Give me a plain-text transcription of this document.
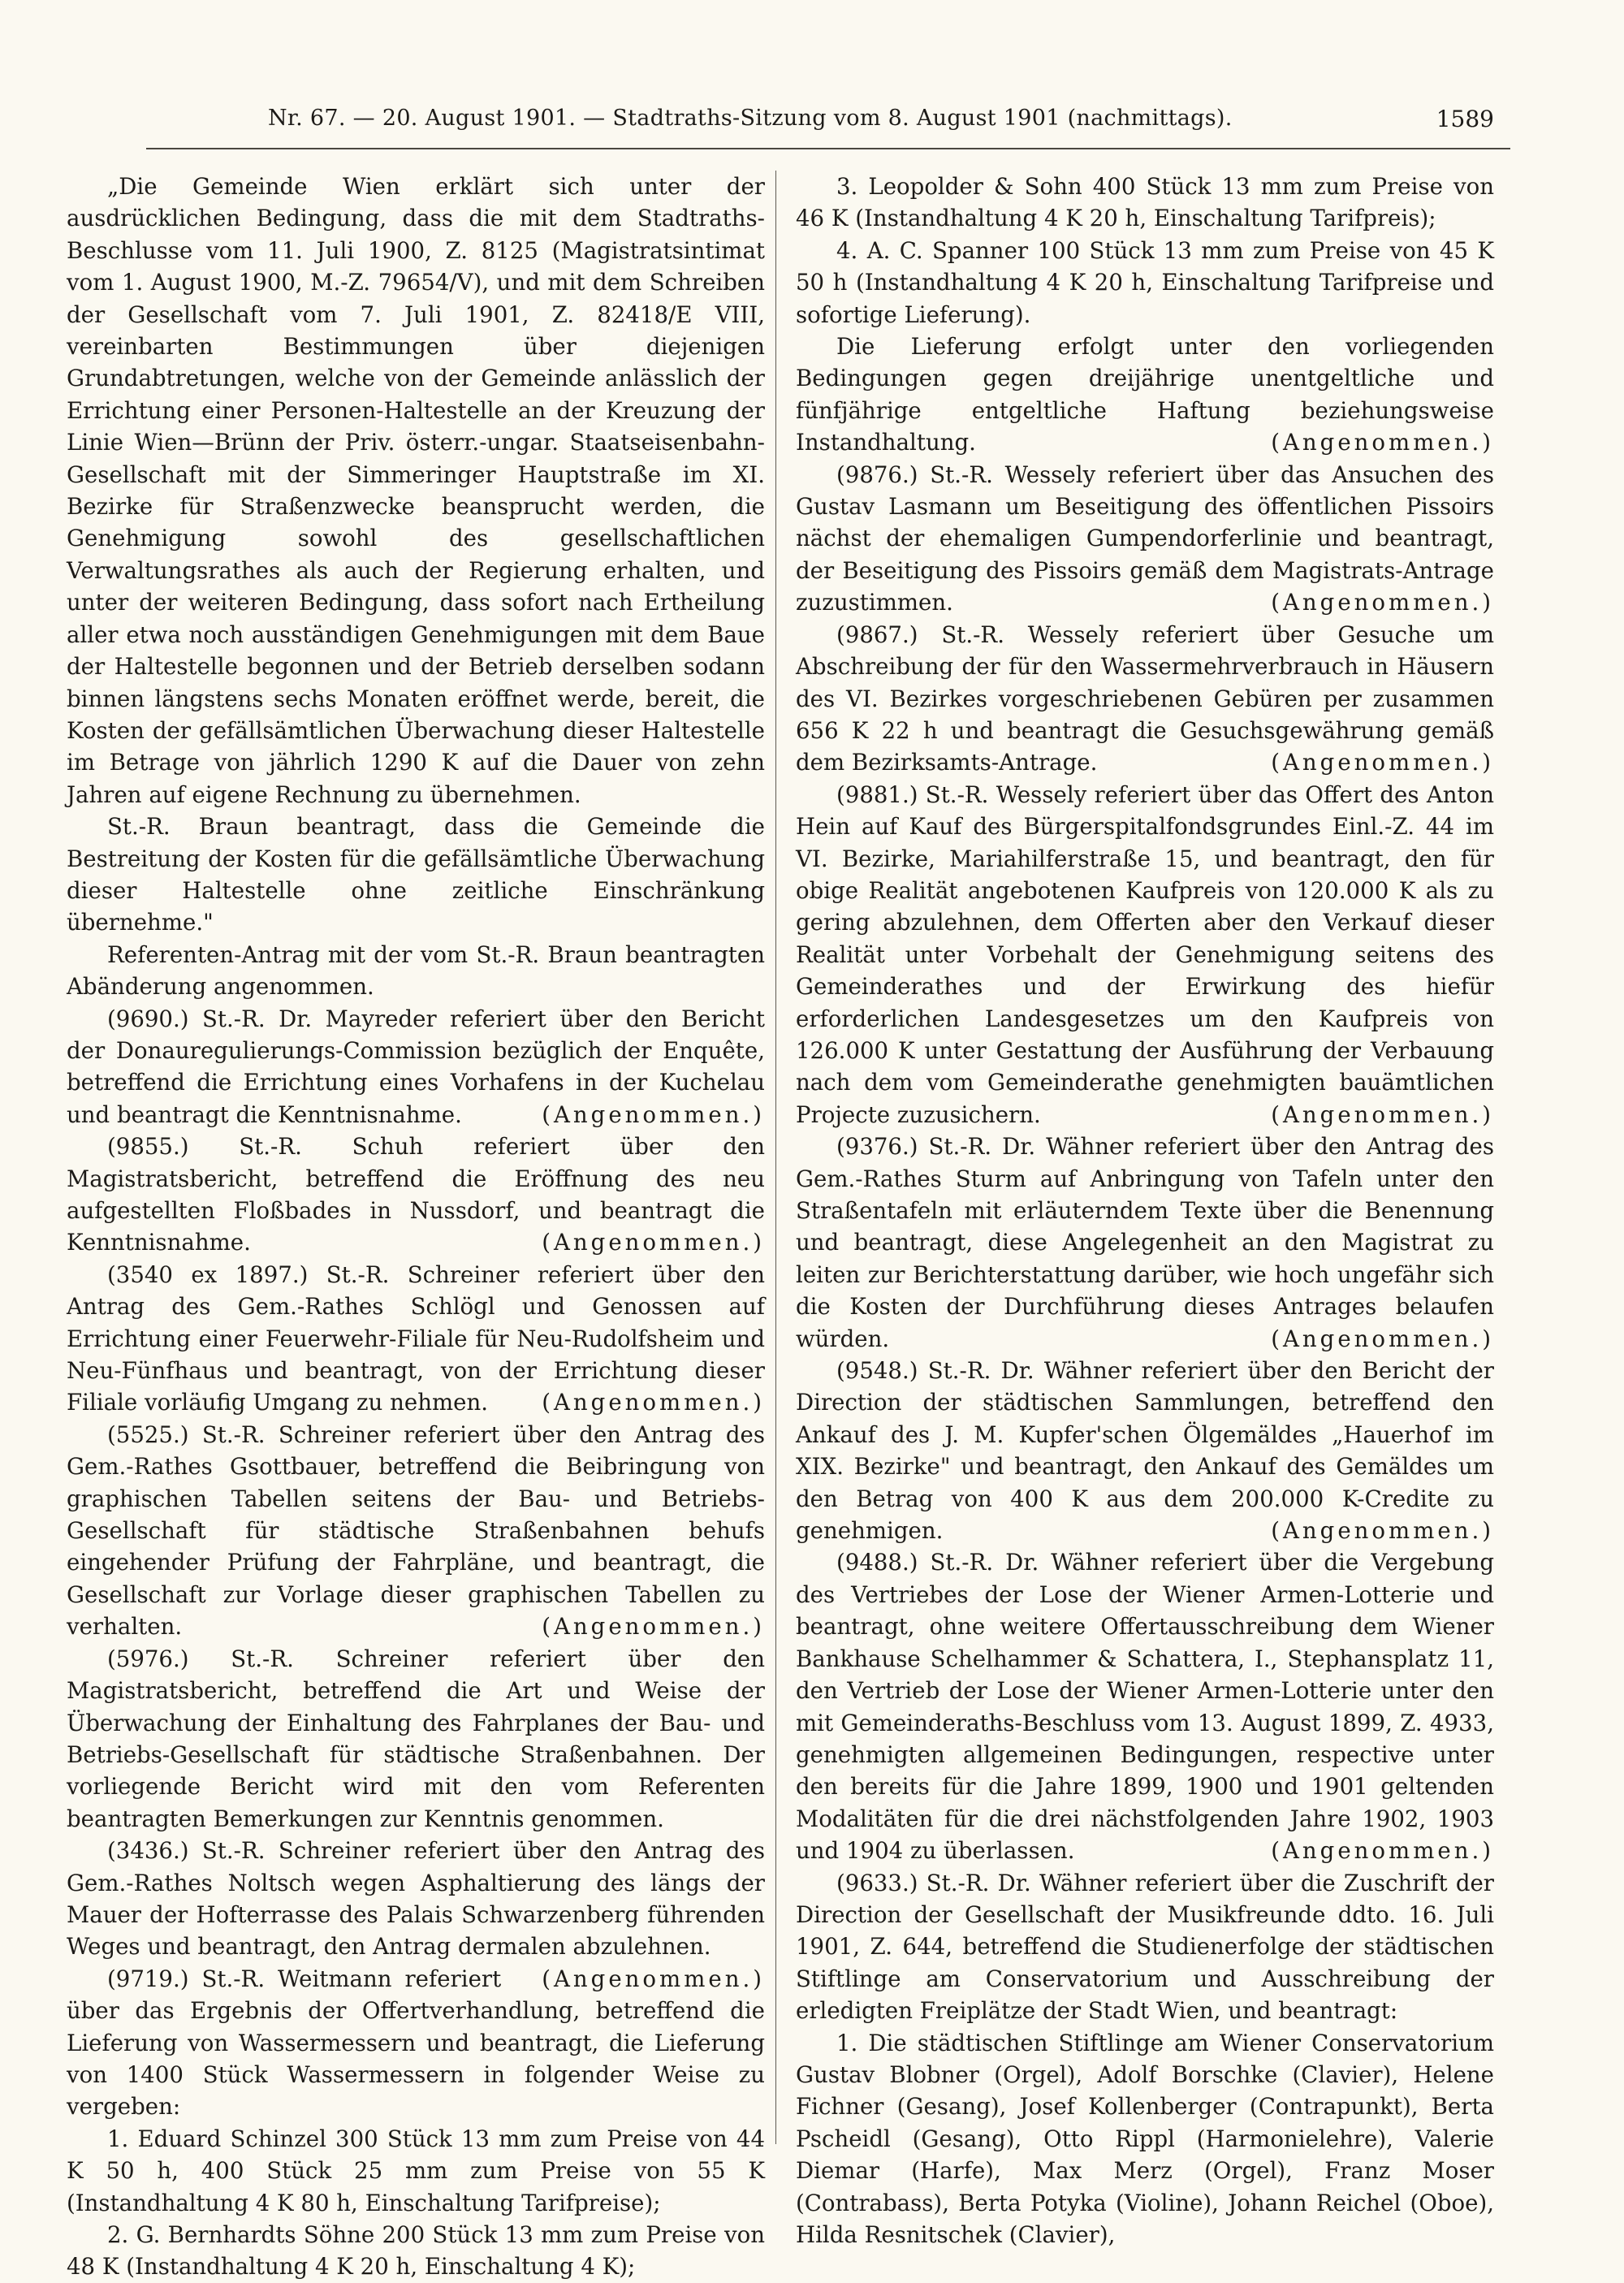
Nr. 67. — 20. August 1901. — Stadtraths-Sitzung vom 8. August 1901 (nachmittags).	1589

„Die Gemeinde Wien erklärt sich unter der ausdrücklichen Bedingung, dass die mit dem Stadtraths-Beschlusse vom 11. Juli 1900, Z. 8125 (Magistratsintimat vom 1. August 1900, M.-Z. 79654/V), und mit dem Schreiben der Gesellschaft vom 7. Juli 1901, Z. 82418/E VIII, vereinbarten Bestimmungen über diejenigen Grundabtretungen, welche von der Gemeinde anlässlich der Errichtung einer Personen-Haltestelle an der Kreuzung der Linie Wien—Brünn der Priv. österr.-ungar. Staatseisenbahn-Gesellschaft mit der Simmeringer Hauptstraße im XI. Bezirke für Straßenzwecke beansprucht werden, die Genehmigung sowohl des gesellschaftlichen Verwaltungsrathes als auch der Regierung erhalten, und unter der weiteren Bedingung, dass sofort nach Ertheilung aller etwa noch ausständigen Genehmigungen mit dem Baue der Haltestelle begonnen und der Betrieb derselben sodann binnen längstens sechs Monaten eröffnet werde, bereit, die Kosten der gefällsämtlichen Überwachung dieser Haltestelle im Betrage von jährlich 1290 K auf die Dauer von zehn Jahren auf eigene Rechnung zu übernehmen.

St.-R. Braun beantragt, dass die Gemeinde die Bestreitung der Kosten für die gefällsämtliche Überwachung dieser Haltestelle ohne zeitliche Einschränkung übernehme."

Referenten-Antrag mit der vom St.-R. Braun beantragten Abänderung angenommen.

(9690.) St.-R. Dr. Mayreder referiert über den Bericht der Donauregulierungs-Commission bezüglich der Enquête, betreffend die Errichtung eines Vorhafens in der Kuchelau und beantragt die Kenntnisnahme.	(Angenommen.)

(9855.) St.-R. Schuh referiert über den Magistratsbericht, betreffend die Eröffnung des neu aufgestellten Floßbades in Nussdorf, und beantragt die Kenntnisnahme.	(Angenommen.)

(3540 ex 1897.) St.-R. Schreiner referiert über den Antrag des Gem.-Rathes Schlögl und Genossen auf Errichtung einer Feuerwehr-Filiale für Neu-Rudolfsheim und Neu-Fünfhaus und beantragt, von der Errichtung dieser Filiale vorläufig Umgang zu nehmen.	(Angenommen.)

(5525.) St.-R. Schreiner referiert über den Antrag des Gem.-Rathes Gsottbauer, betreffend die Beibringung von graphischen Tabellen seitens der Bau- und Betriebs-Gesellschaft für städtische Straßenbahnen behufs eingehender Prüfung der Fahrpläne, und beantragt, die Gesellschaft zur Vorlage dieser graphischen Tabellen zu verhalten.	(Angenommen.)

(5976.) St.-R. Schreiner referiert über den Magistratsbericht, betreffend die Art und Weise der Überwachung der Einhaltung des Fahrplanes der Bau- und Betriebs-Gesellschaft für städtische Straßenbahnen. Der vorliegende Bericht wird mit den vom Referenten beantragten Bemerkungen zur Kenntnis genommen.

(3436.) St.-R. Schreiner referiert über den Antrag des Gem.-Rathes Noltsch wegen Asphaltierung des längs der Mauer der Hofterrasse des Palais Schwarzenberg führenden Weges und beantragt, den Antrag dermalen abzulehnen.
(Angenommen.)

(9719.) St.-R. Weitmann referiert über das Ergebnis der Offertverhandlung, betreffend die Lieferung von Wassermessern und beantragt, die Lieferung von 1400 Stück Wassermessern in folgender Weise zu vergeben:

1. Eduard Schinzel 300 Stück 13 mm zum Preise von 44 K 50 h, 400 Stück 25 mm zum Preise von 55 K (Instandhaltung 4 K 80 h, Einschaltung Tarifpreise);

2. G. Bernhardts Söhne 200 Stück 13 mm zum Preise von 48 K (Instandhaltung 4 K 20 h, Einschaltung 4 K);

3. Leopolder & Sohn 400 Stück 13 mm zum Preise von 46 K (Instandhaltung 4 K 20 h, Einschaltung Tarifpreis);

4. A. C. Spanner 100 Stück 13 mm zum Preise von 45 K 50 h (Instandhaltung 4 K 20 h, Einschaltung Tarifpreise und sofortige Lieferung).

Die Lieferung erfolgt unter den vorliegenden Bedingungen gegen dreijährige unentgeltliche und fünfjährige entgeltliche Haftung beziehungsweise Instandhaltung.	(Angenommen.)

(9876.) St.-R. Wessely referiert über das Ansuchen des Gustav Lasmann um Beseitigung des öffentlichen Pissoirs nächst der ehemaligen Gumpendorferlinie und beantragt, der Beseitigung des Pissoirs gemäß dem Magistrats-Antrage zuzustimmen.	(Angenommen.)

(9867.) St.-R. Wessely referiert über Gesuche um Abschreibung der für den Wassermehrverbrauch in Häusern des VI. Bezirkes vorgeschriebenen Gebüren per zusammen 656 K 22 h und beantragt die Gesuchsgewährung gemäß dem Bezirksamts-Antrage.	(Angenommen.)

(9881.) St.-R. Wessely referiert über das Offert des Anton Hein auf Kauf des Bürgerspitalfondsgrundes Einl.-Z. 44 im VI. Bezirke, Mariahilferstraße 15, und beantragt, den für obige Realität angebotenen Kaufpreis von 120.000 K als zu gering abzulehnen, dem Offerten aber den Verkauf dieser Realität unter Vorbehalt der Genehmigung seitens des Gemeinderathes und der Erwirkung des hiefür erforderlichen Landesgesetzes um den Kaufpreis von 126.000 K unter Gestattung der Ausführung der Verbauung nach dem vom Gemeinderathe genehmigten bauämtlichen Projecte zuzusichern.	(Angenommen.)

(9376.) St.-R. Dr. Wähner referiert über den Antrag des Gem.-Rathes Sturm auf Anbringung von Tafeln unter den Straßentafeln mit erläuterndem Texte über die Benennung und beantragt, diese Angelegenheit an den Magistrat zu leiten zur Berichterstattung darüber, wie hoch ungefähr sich die Kosten der Durchführung dieses Antrages belaufen würden.	(Angenommen.)

(9548.) St.-R. Dr. Wähner referiert über den Bericht der Direction der städtischen Sammlungen, betreffend den Ankauf des J. M. Kupfer'schen Ölgemäldes „Hauerhof im XIX. Bezirke" und beantragt, den Ankauf des Gemäldes um den Betrag von 400 K aus dem 200.000 K-Credite zu genehmigen.	(Angenommen.)

(9488.) St.-R. Dr. Wähner referiert über die Vergebung des Vertriebes der Lose der Wiener Armen-Lotterie und beantragt, ohne weitere Offertausschreibung dem Wiener Bankhause Schelhammer & Schattera, I., Stephansplatz 11, den Vertrieb der Lose der Wiener Armen-Lotterie unter den mit Gemeinderaths-Beschluss vom 13. August 1899, Z. 4933, genehmigten allgemeinen Bedingungen, respective unter den bereits für die Jahre 1899, 1900 und 1901 geltenden Modalitäten für die drei nächstfolgenden Jahre 1902, 1903 und 1904 zu überlassen.	(Angenommen.)

(9633.) St.-R. Dr. Wähner referiert über die Zuschrift der Direction der Gesellschaft der Musikfreunde ddto. 16. Juli 1901, Z. 644, betreffend die Studienerfolge der städtischen Stiftlinge am Conservatorium und Ausschreibung der erledigten Freiplätze der Stadt Wien, und beantragt:

1. Die städtischen Stiftlinge am Wiener Conservatorium Gustav Blobner (Orgel), Adolf Borschke (Clavier), Helene Fichner (Gesang), Josef Kollenberger (Contrapunkt), Berta Pscheidl (Gesang), Otto Rippl (Harmonielehre), Valerie Diemar (Harfe), Max Merz (Orgel), Franz Moser (Contrabass), Berta Potyka (Violine), Johann Reichel (Oboe), Hilda Resnitschek (Clavier),
